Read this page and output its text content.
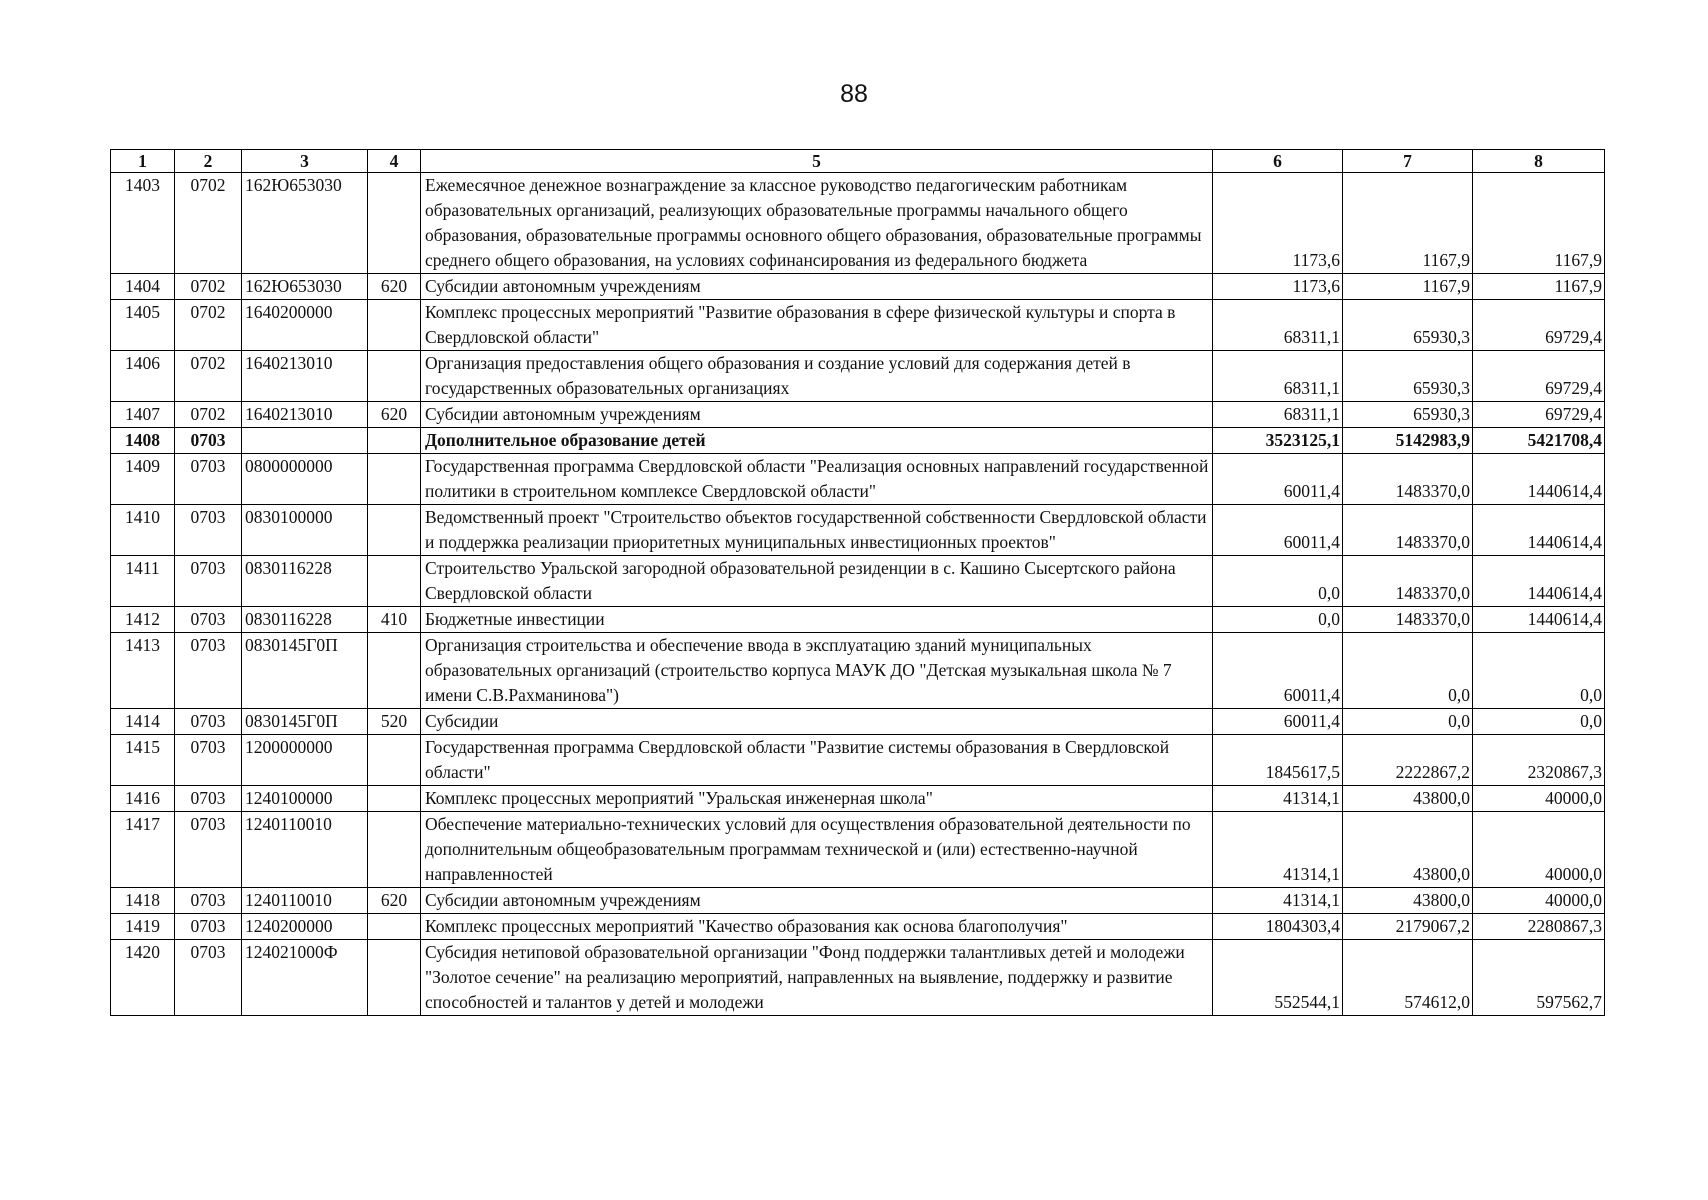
88
1	2	3	4	5	6	7	8
1403	0702	162Ю653030		Ежемесячное денежное вознаграждение за классное руководство педагогическим работникам образовательных организаций, реализующих образовательные программы начального общего образования, образовательные программы основного общего образования, образовательные программы среднего общего образования, на условиях софинансирования из федерального бюджета	1173,6	1167,9	1167,9
1404	0702	162Ю653030	620	Субсидии автономным учреждениям	1173,6	1167,9	1167,9
1405	0702	1640200000		Комплекс процессных мероприятий "Развитие образования в сфере физической культуры и спорта в Свердловской области"	68311,1	65930,3	69729,4
1406	0702	1640213010		Организация предоставления общего образования и создание условий для содержания детей в государственных образовательных организациях	68311,1	65930,3	69729,4
1407	0702	1640213010	620	Субсидии автономным учреждениям	68311,1	65930,3	69729,4
1408	0703			Дополнительное образование детей	3523125,1	5142983,9	5421708,4
1409	0703	0800000000		Государственная программа Свердловской области "Реализация основных направлений государственной политики в строительном комплексе Свердловской области"	60011,4	1483370,0	1440614,4
1410	0703	0830100000		Ведомственный проект "Строительство объектов государственной собственности Свердловской области и поддержка реализации приоритетных муниципальных инвестиционных проектов"	60011,4	1483370,0	1440614,4
1411	0703	0830116228		Строительство Уральской загородной образовательной резиденции в с. Кашино Сысертского района Свердловской области	0,0	1483370,0	1440614,4
1412	0703	0830116228	410	Бюджетные инвестиции	0,0	1483370,0	1440614,4
1413	0703	0830145Г0П		Организация строительства и обеспечение ввода в эксплуатацию зданий муниципальных образовательных организаций (строительство корпуса МАУК ДО "Детская музыкальная школа № 7 имени С.В.Рахманинова")	60011,4	0,0	0,0
1414	0703	0830145Г0П	520	Субсидии	60011,4	0,0	0,0
1415	0703	1200000000		Государственная программа Свердловской области "Развитие системы образования в Свердловской области"	1845617,5	2222867,2	2320867,3
1416	0703	1240100000		Комплекс процессных мероприятий "Уральская инженерная школа"	41314,1	43800,0	40000,0
1417	0703	1240110010		Обеспечение материально-технических условий для осуществления образовательной деятельности по дополнительным общеобразовательным программам технической и (или) естественно-научной направленностей	41314,1	43800,0	40000,0
1418	0703	1240110010	620	Субсидии автономным учреждениям	41314,1	43800,0	40000,0
1419	0703	1240200000		Комплекс процессных мероприятий "Качество образования как основа благополучия"	1804303,4	2179067,2	2280867,3
1420	0703	124021000Ф		Субсидия нетиповой образовательной организации "Фонд поддержки талантливых детей и молодежи "Золотое сечение" на реализацию мероприятий, направленных на выявление, поддержку и развитие способностей и талантов у детей и молодежи	552544,1	574612,0	597562,7
